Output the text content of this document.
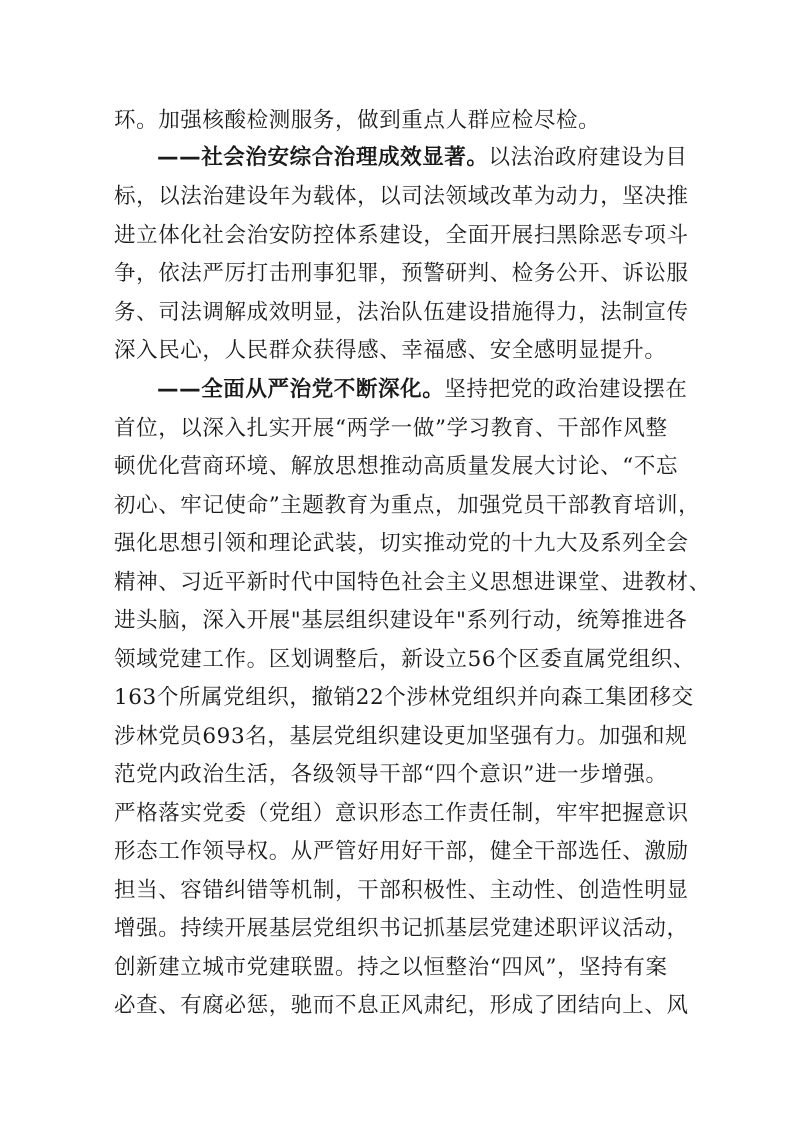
环。加强核酸检测服务，做到重点人群应检尽检。
——社会治安综合治理成效显著。以法治政府建设为目
标，以法治建设年为载体，以司法领域改革为动力，坚决推
进立体化社会治安防控体系建设，全面开展扫黑除恶专项斗
争，依法严厉打击刑事犯罪，预警研判、检务公开、诉讼服
务、司法调解成效明显，法治队伍建设措施得力，法制宣传
深入民心，人民群众获得感、幸福感、安全感明显提升。
——全面从严治党不断深化。坚持把党的政治建设摆在
首位，以深入扎实开展“两学一做”学习教育、干部作风整
顿优化营商环境、解放思想推动高质量发展大讨论、“不忘
初心、牢记使命”主题教育为重点，加强党员干部教育培训，
强化思想引领和理论武装，切实推动党的十九大及系列全会
精神、习近平新时代中国特色社会主义思想进课堂、进教材、
进头脑，深入开展"基层组织建设年"系列行动，统筹推进各
领域党建工作。区划调整后，新设立56个区委直属党组织、
163个所属党组织，撤销22个涉林党组织并向森工集团移交
涉林党员693名，基层党组织建设更加坚强有力。加强和规
范党内政治生活，各级领导干部“四个意识”进一步增强。
严格落实党委（党组）意识形态工作责任制，牢牢把握意识
形态工作领导权。从严管好用好干部，健全干部选任、激励
担当、容错纠错等机制，干部积极性、主动性、创造性明显
增强。持续开展基层党组织书记抓基层党建述职评议活动，
创新建立城市党建联盟。持之以恒整治“四风”，坚持有案
必查、有腐必惩，驰而不息正风肃纪，形成了团结向上、风
